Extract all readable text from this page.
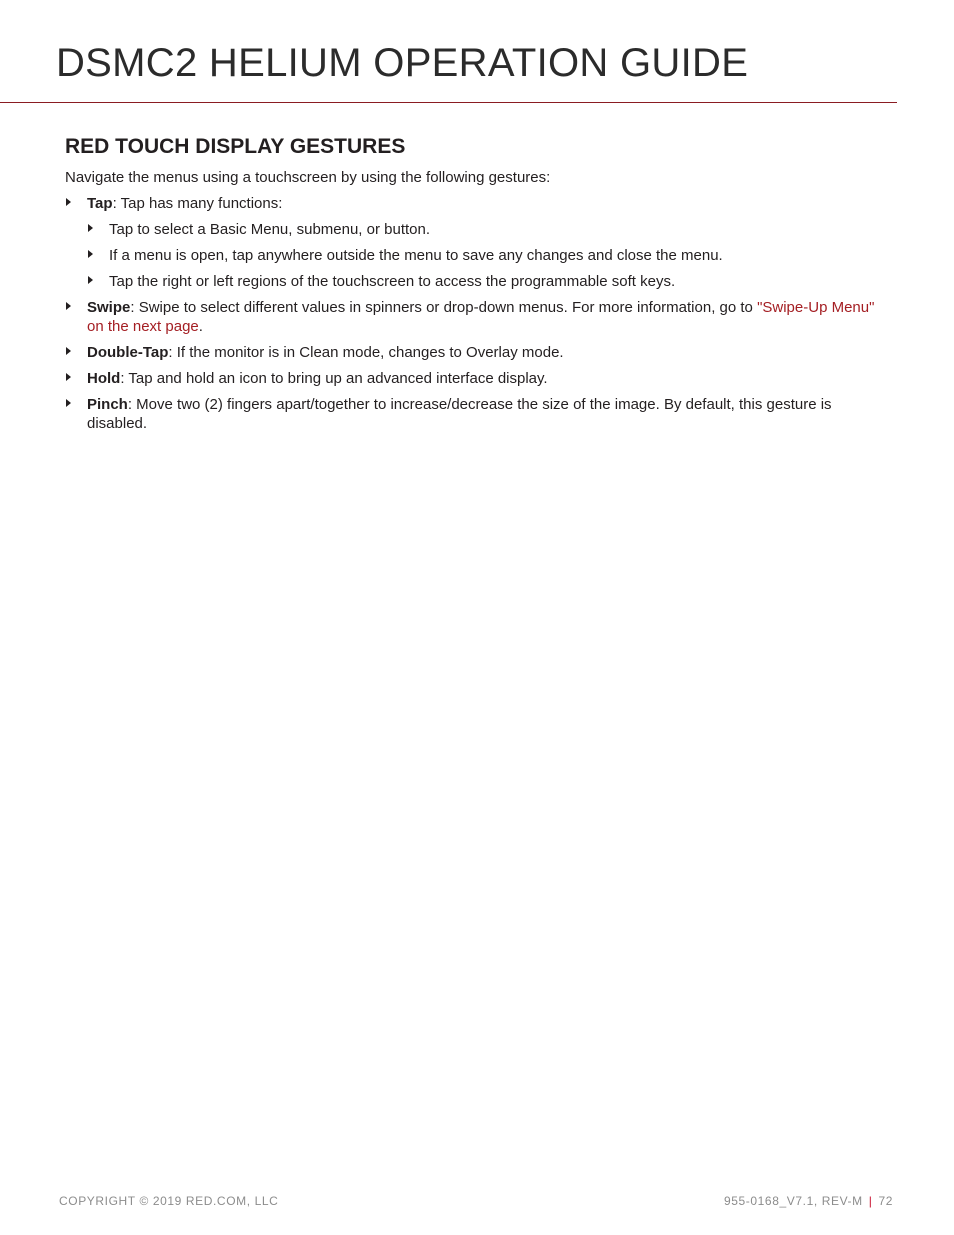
DSMC2 HELIUM OPERATION GUIDE
RED TOUCH DISPLAY GESTURES

Navigate the menus using a touchscreen by using the following gestures:

Tap: Tap has many functions:
Tap to select a Basic Menu, submenu, or button.
If a menu is open, tap anywhere outside the menu to save any changes and close the menu.
Tap the right or left regions of the touchscreen to access the programmable soft keys.
Swipe: Swipe to select different values in spinners or drop-down menus. For more information, go to "Swipe-Up Menu" on the next page.
Double-Tap: If the monitor is in Clean mode, changes to Overlay mode.
Hold: Tap and hold an icon to bring up an advanced interface display.
Pinch: Move two (2) fingers apart/together to increase/decrease the size of the image. By default, this gesture is disabled.
COPYRIGHT © 2019 RED.COM, LLC	955-0168_V7.1, REV-M | 72
